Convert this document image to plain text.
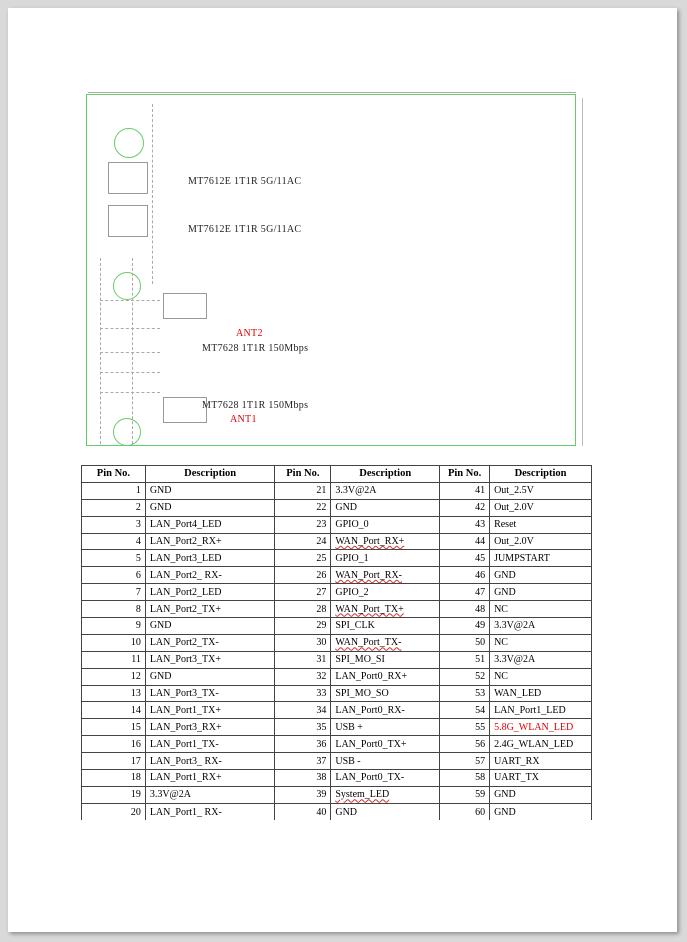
MT7612E 1T1R 5G/11AC
MT7612E 1T1R 5G/11AC
ANT2
MT7628 1T1R 150Mbps
MT7628 1T1R 150Mbps
ANT1
Pin No.	Description	Pin No.	Description	Pin No.	Description
1	GND	21	3.3V@2A	41	Out_2.5V
2	GND	22	GND	42	Out_2.0V
3	LAN_Port4_LED	23	GPIO_0	43	Reset
4	LAN_Port2_RX+	24	WAN_Port_RX+	44	Out_2.0V
5	LAN_Port3_LED	25	GPIO_1	45	JUMPSTART
6	LAN_Port2_ RX-	26	WAN_Port_RX-	46	GND
7	LAN_Port2_LED	27	GPIO_2	47	GND
8	LAN_Port2_TX+	28	WAN_Port_TX+	48	NC
9	GND	29	SPI_CLK	49	3.3V@2A
10	LAN_Port2_TX-	30	WAN_Port_TX-	50	NC
11	LAN_Port3_TX+	31	SPI_MO_SI	51	3.3V@2A
12	GND	32	LAN_Port0_RX+	52	NC
13	LAN_Port3_TX-	33	SPI_MO_SO	53	WAN_LED
14	LAN_Port1_TX+	34	LAN_Port0_RX-	54	LAN_Port1_LED
15	LAN_Port3_RX+	35	USB +	55	5.8G_WLAN_LED
16	LAN_Port1_TX-	36	LAN_Port0_TX+	56	2.4G_WLAN_LED
17	LAN_Port3_ RX-	37	USB -	57	UART_RX
18	LAN_Port1_RX+	38	LAN_Port0_TX-	58	UART_TX
19	3.3V@2A	39	System_LED	59	GND
20	LAN_Port1_ RX-	40	GND	60	GND
